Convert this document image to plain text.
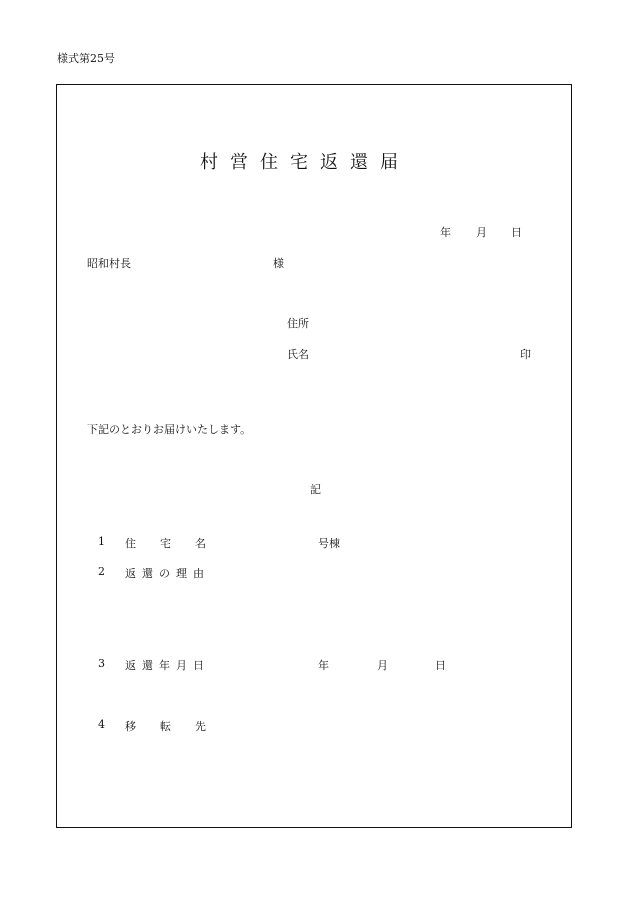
様式第25号
村営住宅返還届
年 月 日
昭和村長	様
住所
氏名	印
下記のとおりお届けいたします。
記
1 住宅名	号棟
2 返還の理由
3 返還年月日	年	月	日
4 移転先
